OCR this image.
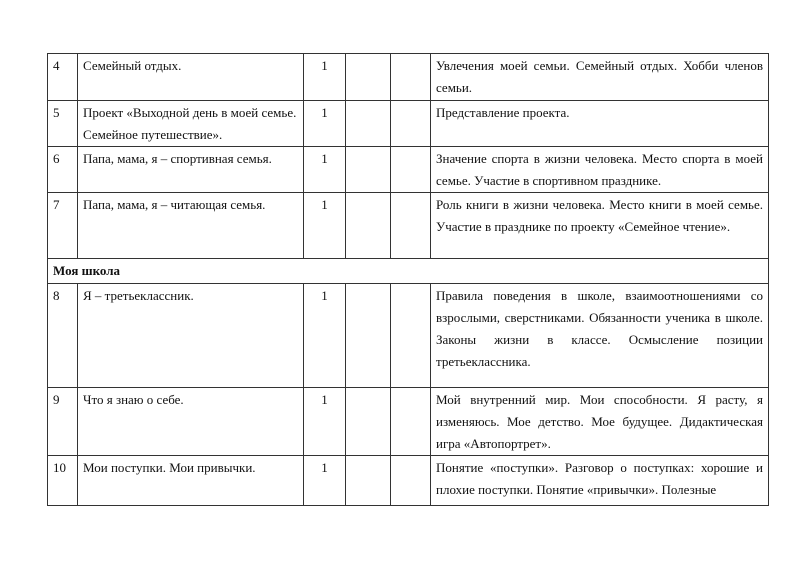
4	Семейный отдых.	1			Увлечения моей семьи. Семейный отдых. Хобби членов семьи.
5	Проект «Выходной день в моей семье. Семейное путешествие».	1			Представление проекта.
6	Папа, мама, я – спортивная семья.	1			Значение спорта в жизни человека. Место спорта в моей семье. Участие в спортивном празднике.
7	Папа, мама, я – читающая семья.	1			Роль книги в жизни человека. Место книги в моей семье. Участие в празднике по проекту «Семейное чтение».
Моя школа					
8	Я – третьеклассник.	1			Правила поведения в школе, взаимоотношениями со взрослыми, сверстниками. Обязанности ученика в школе. Законы жизни в классе. Осмысление позиции третьеклассника.
9	Что я знаю о себе.	1			Мой внутренний мир. Мои способности. Я расту, я изменяюсь. Мое детство. Мое будущее. Дидактическая игра «Автопортрет».
10	Мои поступки. Мои привычки.	1			Понятие «поступки». Разговор о поступках: хорошие и плохие поступки. Понятие «привычки». Полезные
